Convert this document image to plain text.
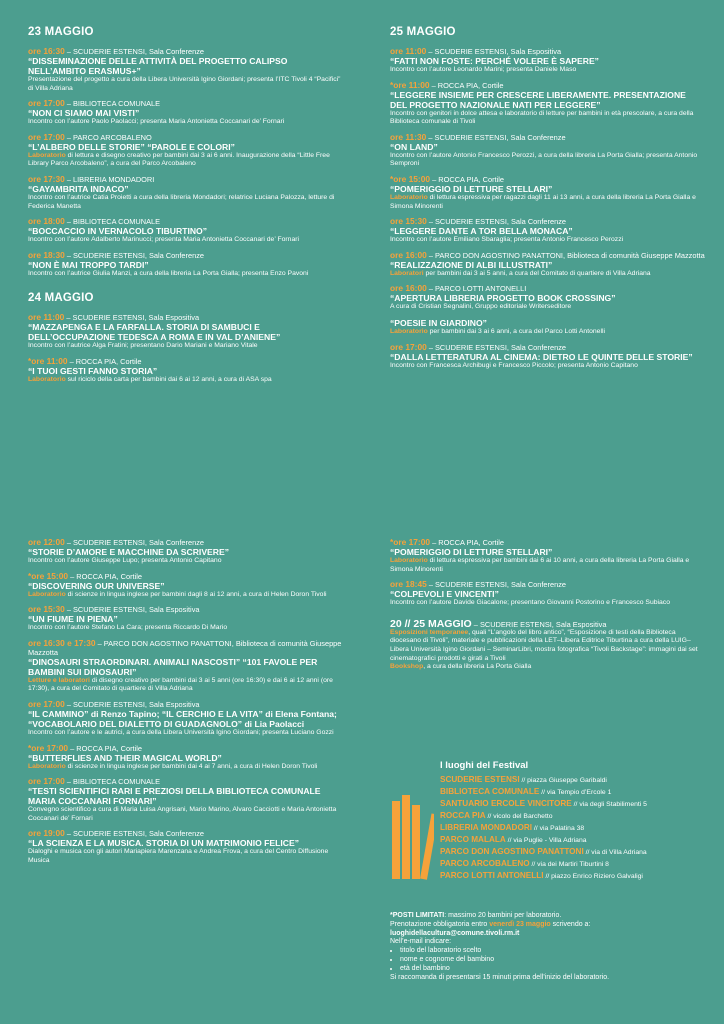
23 MAGGIO
ore 16:30 – SCUDERIE ESTENSI, Sala Conferenze
“DISSEMINAZIONE DELLE ATTIVITÀ DEL PROGETTO CALIPSO NELL’AMBITO ERASMUS+”
Presentazione del progetto a cura della Libera Università Igino Giordani; presenta l’ITC Tivoli 4 “Pacifici” di Villa Adriana
ore 17:00 – BIBLIOTECA COMUNALE
“NON CI SIAMO MAI VISTI”
Incontro con l’autore Paolo Paolacci; presenta Maria Antonietta Coccanari de’ Fornari
ore 17:00 – PARCO ARCOBALENO
“L’ALBERO DELLE STORIE” “PAROLE E COLORI”
Laboratorio di lettura e disegno creativo per bambini dai 3 ai 6 anni. Inaugurazione della “Little Free Library Parco Arcobaleno”, a cura del Parco Arcobaleno
ore 17:30 – LIBRERIA MONDADORI
“GAYAMBRITA INDACO”
Incontro con l’autrice Catia Proietti a cura della libreria Mondadori; relatrice Luciana Palozza, letture di Federica Manetta
ore 18:00 – BIBLIOTECA COMUNALE
“BOCCACCIO IN VERNACOLO TIBURTINO”
Incontro con l’autore Adalberto Marinucci; presenta Maria Antonietta Coccanari de’ Fornari
ore 18:30 – SCUDERIE ESTENSI, Sala Conferenze
“NON È MAI TROPPO TARDI”
Incontro con l’autrice Giulia Manzi, a cura della libreria La Porta Gialla; presenta Enzo Pavoni
24 MAGGIO
ore 11:00 – SCUDERIE ESTENSI, Sala Espositiva
“MAZZAPENGA E LA FARFALLA. STORIA DI SAMBUCI E DELL’OCCUPAZIONE TEDESCA A ROMA E IN VAL D’ANIENE”
Incontro con l’autrice Alga Fratini; presentano Dario Mariani e Mariano Vitale
*ore 11:00 – ROCCA PIA, Cortile
“I TUOI GESTI FANNO STORIA”
Laboratorio sul riciclo della carta per bambini dai 6 ai 12 anni, a cura di ASA spa
25 MAGGIO
ore 11:00 – SCUDERIE ESTENSI, Sala Espositiva
“FATTI NON FOSTE: PERCHÉ VOLERE È SAPERE”
Incontro con l’autore Leonardo Marini; presenta Daniele Maso
*ore 11:00 – ROCCA PIA, Cortile
“LEGGERE INSIEME PER CRESCERE LIBERAMENTE. PRESENTAZIONE DEL PROGETTO NAZIONALE NATI PER LEGGERE”
Incontro con genitori in dolce attesa e laboratorio di letture per bambini in età prescolare, a cura della Biblioteca comunale di Tivoli
ore 11:30 – SCUDERIE ESTENSI, Sala Conferenze
“ON LAND”
Incontro con l’autore Antonio Francesco Perozzi, a cura della libreria La Porta Gialla; presenta Antonio Semproni
*ore 15:00 – ROCCA PIA, Cortile
“POMERIGGIO DI LETTURE STELLARI”
Laboratorio di lettura espressiva per ragazzi dagli 11 ai 13 anni, a cura della libreria La Porta Gialla e Simona Minorenti
ore 15:30 – SCUDERIE ESTENSI, Sala Conferenze
“LEGGERE DANTE A TOR BELLA MONACA”
Incontro con l’autore Emiliano Sbaraglia; presenta Antonio Francesco Perozzi
ore 16:00 – PARCO DON AGOSTINO PANATTONI, Biblioteca di comunità Giuseppe Mazzotta
“REALIZZAZIONE DI ALBI ILLUSTRATI”
Laboratori per bambini dai 3 ai 5 anni, a cura del Comitato di quartiere di Villa Adriana
ore 16:00 – PARCO LOTTI ANTONELLI
“APERTURA LIBRERIA PROGETTO BOOK CROSSING”
A cura di Cristian Segnalini, Gruppo editoriale Writerseditore
“POESIE IN GIARDINO”
Laboratorio per bambini dai 3 ai 6 anni, a cura del Parco Lotti Antonelli
ore 17:00 – SCUDERIE ESTENSI, Sala Conferenze
“DALLA LETTERATURA AL CINEMA: DIETRO LE QUINTE DELLE STORIE”
Incontro con Francesca Archibugi e Francesco Piccolo; presenta Antonio Capitano
ore 12:00 – SCUDERIE ESTENSI, Sala Conferenze
“STORIE D’AMORE E MACCHINE DA SCRIVERE”
Incontro con l’autore Giuseppe Lupo; presenta Antonio Capitano
*ore 15:00 – ROCCA PIA, Cortile
“DISCOVERING OUR UNIVERSE”
Laboratorio di scienze in lingua inglese per bambini dagli 8 ai 12 anni, a cura di Helen Doron Tivoli
ore 15:30 – SCUDERIE ESTENSI, Sala Espositiva
“UN FIUME IN PIENA”
Incontro con l’autore Stefano La Cara; presenta Riccardo Di Mario
ore 16:30 e 17:30 – PARCO DON AGOSTINO PANATTONI, Biblioteca di comunità Giuseppe Mazzotta
“DINOSAURI STRAORDINARI. ANIMALI NASCOSTI” “101 FAVOLE PER BAMBINI SUI DINOSAURI”
Letture e laboratori di disegno creativo per bambini dai 3 ai 5 anni (ore 16:30) e dai 6 ai 12 anni (ore 17:30), a cura del Comitato di quartiere di Villa Adriana
ore 17:00 – SCUDERIE ESTENSI, Sala Espositiva
“IL CAMMINO” di Renzo Tapino; “IL CERCHIO E LA VITA” di Elena Fontana; “VOCABOLARIO DEL DIALETTO DI GUADAGNOLO” di Lia Paolacci
Incontro con l’autore e le autrici, a cura della Libera Università Igino Giordani; presenta Luciano Gozzi
*ore 17:00 – ROCCA PIA, Cortile
“BUTTERFLIES AND THEIR MAGICAL WORLD”
Laboratorio di scienze in lingua inglese per bambini dai 4 ai 7 anni, a cura di Helen Doron Tivoli
ore 17:00 – BIBLIOTECA COMUNALE
“TESTI SCIENTIFICI RARI E PREZIOSI DELLA BIBLIOTECA COMUNALE MARIA COCCANARI FORNARI”
Convegno scientifico a cura di Maria Luisa Angrisani, Mario Marino, Alvaro Cacciotti e Maria Antonietta Coccanari de’ Fornari
ore 19:00 – SCUDERIE ESTENSI, Sala Conferenze
“LA SCIENZA E LA MUSICA. STORIA DI UN MATRIMONIO FELICE”
Dialoghi e musica con gli autori Mariapiera Marenzana e Andrea Frova, a cura del Centro Diffusione Musica
*ore 17:00 – ROCCA PIA, Cortile
“POMERIGGIO DI LETTURE STELLARI”
Laboratorio di lettura espressiva per bambini dai 6 ai 10 anni, a cura della libreria La Porta Gialla e Simona Minorenti
ore 18:45 – SCUDERIE ESTENSI, Sala Conferenze
“COLPEVOLI E VINCENTI”
Incontro con l’autore Davide Giacalone; presentano Giovanni Postorino e Francesco Subiaco
20 // 25 MAGGIO – SCUDERIE ESTENSI, Sala Espositiva
Esposizioni temporanee, quali “L’angolo del libro antico”, “Esposizione di testi della Biblioteca diocesano di Tivoli”, materiale e pubblicazioni della LET–Libera Editrice Tiburtina a cura della LUIG–Libera Università Igino Giordani – SeminarLibri, mostra fotografica “Tivoli Backstage”: immagini dai set cinematografici prodotti e girati a Tivoli
Bookshop, a cura della libreria La Porta Gialla
I luoghi del Festival
SCUDERIE ESTENSI // piazza Giuseppe Garibaldi
BIBLIOTECA COMUNALE // via Tempio d’Ercole 1
SANTUARIO ERCOLE VINCITORE // via degli Stabilimenti 5
ROCCA PIA // vicolo del Barchetto
LIBRERIA MONDADORI // via Palatina 38
PARCO MALALA // via Puglie - Villa Adriana
PARCO DON AGOSTINO PANATTONI // via di Villa Adriana
PARCO ARCOBALENO // via dei Martiri Tiburtini 8
PARCO LOTTI ANTONELLI // piazzo Enrico Riziero Galvaligi
*POSTI LIMITATI: massimo 20 bambini per laboratorio.
Prenotazione obbligatoria entro venerdì 23 maggio scrivendo a:
luoghidellacultura@comune.tivoli.rm.it
Nell’e-mail indicare:
• titolo del laboratorio scelto
• nome e cognome del bambino
• età del bambino
Si raccomanda di presentarsi 15 minuti prima dell’inizio del laboratorio.
